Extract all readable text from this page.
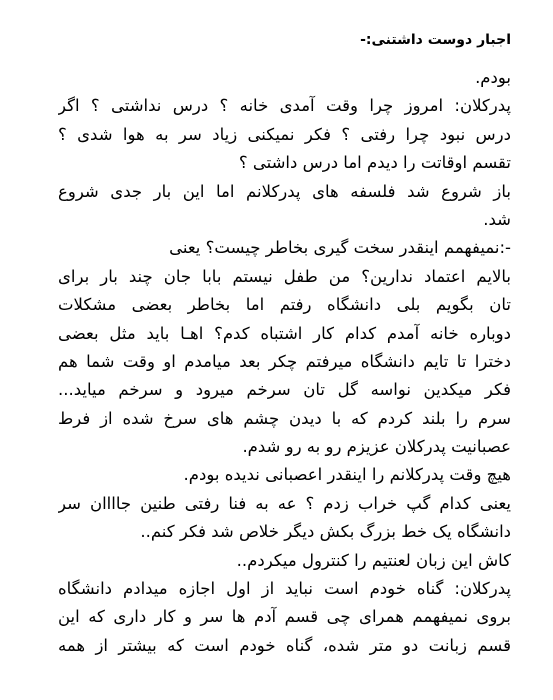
اجبار دوست داشتنی:-
بودم.
پدرکلان: امروز چرا وقت آمدی خانه ؟ درس نداشتی ؟ اگر
درس نبود چرا رفتی ؟ فکر نمیکنی زیاد سر به هوا شدی ؟
تقسم اوقاتت را دیدم اما درس داشتی ؟
باز شروع شد فلسفه های پدرکلانم اما این بار جدی شروع
شد.
-:نمیفهمم اینقدر سخت گیری بخاطر چیست؟ یعنی
بالایم اعتماد ندارین؟ من طفل نیستم بابا جان چند بار برای
تان بگویم بلی دانشگاه رفتم اما بخاطر بعضی مشکلات
دوباره خانه آمدم کدام کار اشتباه کدم؟ اهـا باید مثل بعضی
دخترا تا تایم دانشگاه میرفتم چکر بعد میامدم او وقت شما هم
فکر میکدین نواسه گل تان سرخم میرود و سرخم میاید...
سرم را بلند کردم که با دیدن چشم های سرخ شده از فرط
عصبانیت پدرکلان عزیزم رو به رو شدم.
هیچ وقت پدرکلانم را اینقدر اعصبانی ندیده بودم.
یعنی کدام گپ خراب زدم ؟ عه به فنا رفتی طنین جاااان سر
دانشگاه یک خط بزرگ بکش دیگر خلاص شد فکر کنم..
کاش این زبان لعنتیم را کنترول میکردم..
پدرکلان: گناه خودم است نباید از اول اجازه میدادم دانشگاه
بروی نمیفهمم همرای چی قسم آدم ها سر و کار داری که این
قسم زبانت دو متر شده، گناه خودم است که بیشتر از همه
